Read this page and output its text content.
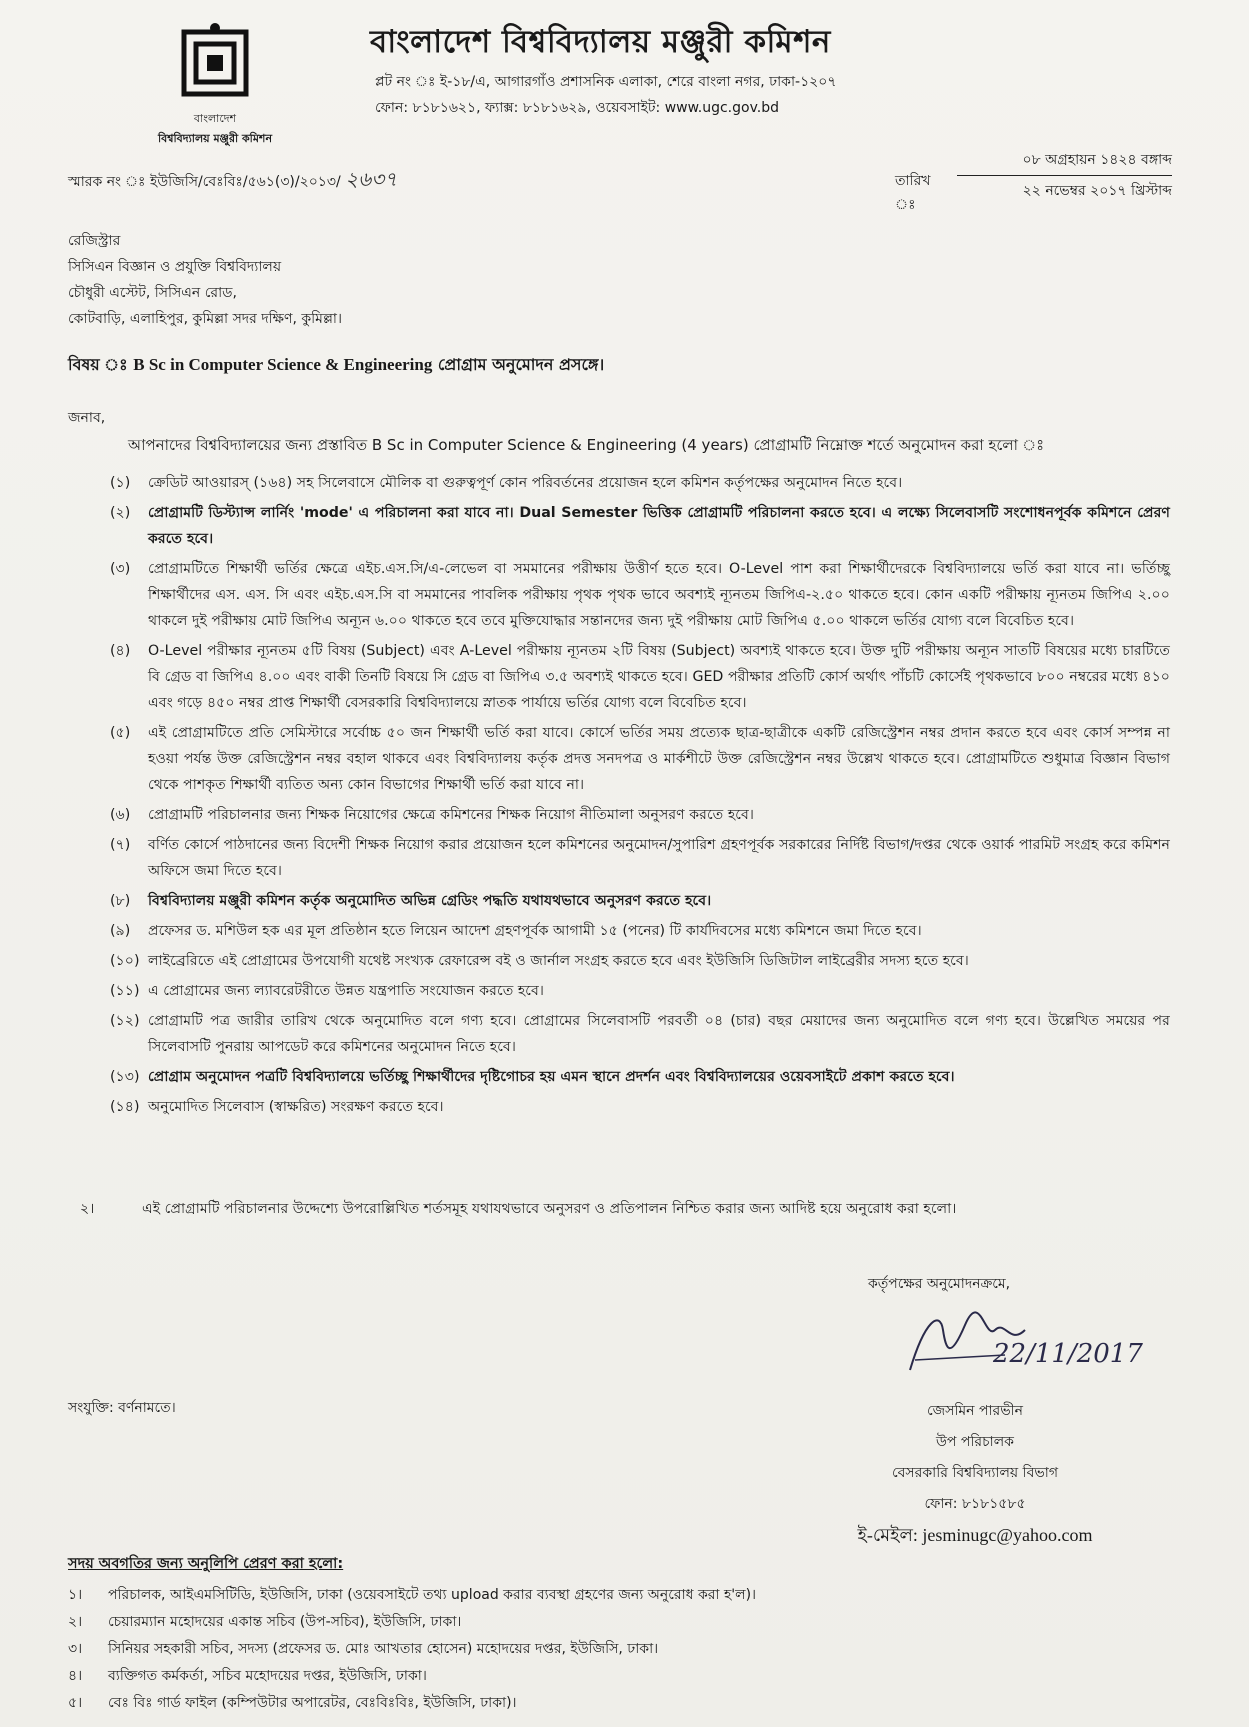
বাংলাদেশ
বিশ্ববিদ্যালয় মঞ্জুরী কমিশন
বাংলাদেশ বিশ্ববিদ্যালয় মঞ্জুরী কমিশন
প্লট নং ঃ ই-১৮/এ, আগারগাঁও প্রশাসনিক এলাকা, শেরে বাংলা নগর, ঢাকা-১২০৭
ফোন: ৮১৮১৬২১, ফ্যাক্স: ৮১৮১৬২৯, ওয়েবসাইট: www.ugc.gov.bd
স্মারক নং ঃ ইউজিসি/বেঃবিঃ/৫৬১(৩)/২০১৩/ ২৬৩৭	তারিখ ঃ
০৮ অগ্রহায়ন ১৪২৪ বঙ্গাব্দ
২২ নভেম্বর ২০১৭ খ্রিস্টাব্দ
রেজিস্ট্রার
সিসিএন বিজ্ঞান ও প্রযুক্তি বিশ্ববিদ্যালয়
চৌধুরী এস্টেট, সিসিএন রোড,
কোটবাড়ি, এলাহিপুর, কুমিল্লা সদর দক্ষিণ, কুমিল্লা।
বিষয় ঃ B Sc in Computer Science & Engineering প্রোগ্রাম অনুমোদন প্রসঙ্গে।
জনাব,
আপনাদের বিশ্ববিদ্যালয়ের জন্য প্রস্তাবিত B Sc in Computer Science & Engineering (4 years) প্রোগ্রামটি নিম্নোক্ত শর্তে অনুমোদন করা হলো ঃ
(১)	ক্রেডিট আওয়ারস্ (১৬৪) সহ সিলেবাসে মৌলিক বা গুরুত্বপূর্ণ কোন পরিবর্তনের প্রয়োজন হলে কমিশন কর্তৃপক্ষের অনুমোদন নিতে হবে।
(২)	প্রোগ্রামটি ডিস্ট্যান্স লার্নিং 'mode' এ পরিচালনা করা যাবে না। Dual Semester ভিত্তিক প্রোগ্রামটি পরিচালনা করতে হবে। এ লক্ষ্যে সিলেবাসটি সংশোধনপূর্বক কমিশনে প্রেরণ করতে হবে।
(৩)	প্রোগ্রামটিতে শিক্ষার্থী ভর্তির ক্ষেত্রে এইচ.এস.সি/এ-লেভেল বা সমমানের পরীক্ষায় উত্তীর্ণ হতে হবে। O-Level পাশ করা শিক্ষার্থীদেরকে বিশ্ববিদ্যালয়ে ভর্তি করা যাবে না। ভর্তিচ্ছু শিক্ষার্থীদের এস. এস. সি এবং এইচ.এস.সি বা সমমানের পাবলিক পরীক্ষায় পৃথক পৃথক ভাবে অবশ্যই ন্যূনতম জিপিএ-২.৫০ থাকতে হবে। কোন একটি পরীক্ষায় ন্যূনতম জিপিএ ২.০০ থাকলে দুই পরীক্ষায় মোট জিপিএ অন্যূন ৬.০০ থাকতে হবে তবে মুক্তিযোদ্ধার সন্তানদের জন্য দুই পরীক্ষায় মোট জিপিএ ৫.০০ থাকলে ভর্তির যোগ্য বলে বিবেচিত হবে।
(৪)	O-Level পরীক্ষার ন্যূনতম ৫টি বিষয় (Subject) এবং A-Level পরীক্ষায় ন্যূনতম ২টি বিষয় (Subject) অবশ্যই থাকতে হবে। উক্ত দুটি পরীক্ষায় অন্যূন সাতটি বিষয়ের মধ্যে চারটিতে বি গ্রেড বা জিপিএ ৪.০০ এবং বাকী তিনটি বিষয়ে সি গ্রেড বা জিপিএ ৩.৫ অবশ্যই থাকতে হবে। GED পরীক্ষার প্রতিটি কোর্স অর্থাৎ পাঁচটি কোর্সেই পৃথকভাবে ৮০০ নম্বরের মধ্যে ৪১০ এবং গড়ে ৪৫০ নম্বর প্রাপ্ত শিক্ষার্থী বেসরকারি বিশ্ববিদ্যালয়ে স্নাতক পার্যায়ে ভর্তির যোগ্য বলে বিবেচিত হবে।
(৫)	এই প্রোগ্রামটিতে প্রতি সেমিস্টারে সর্বোচ্চ ৫০ জন শিক্ষার্থী ভর্তি করা যাবে। কোর্সে ভর্তির সময় প্রত্যেক ছাত্র-ছাত্রীকে একটি রেজিস্ট্রেশন নম্বর প্রদান করতে হবে এবং কোর্স সম্পন্ন না হওয়া পর্যন্ত উক্ত রেজিস্ট্রেশন নম্বর বহাল থাকবে এবং বিশ্ববিদ্যালয় কর্তৃক প্রদত্ত সনদপত্র ও মার্কশীটে উক্ত রেজিস্ট্রেশন নম্বর উল্লেখ থাকতে হবে। প্রোগ্রামটিতে শুধুমাত্র বিজ্ঞান বিভাগ থেকে পাশকৃত শিক্ষার্থী ব্যতিত অন্য কোন বিভাগের শিক্ষার্থী ভর্তি করা যাবে না।
(৬)	প্রোগ্রামটি পরিচালনার জন্য শিক্ষক নিয়োগের ক্ষেত্রে কমিশনের শিক্ষক নিয়োগ নীতিমালা অনুসরণ করতে হবে।
(৭)	বর্ণিত কোর্সে পাঠদানের জন্য বিদেশী শিক্ষক নিয়োগ করার প্রয়োজন হলে কমিশনের অনুমোদন/সুপারিশ গ্রহণপূর্বক সরকারের নির্দিষ্ট বিভাগ/দপ্তর থেকে ওয়ার্ক পারমিট সংগ্রহ করে কমিশন অফিসে জমা দিতে হবে।
(৮)	বিশ্ববিদ্যালয় মঞ্জুরী কমিশন কর্তৃক অনুমোদিত অভিন্ন গ্রেডিং পদ্ধতি যথাযথভাবে অনুসরণ করতে হবে।
(৯)	প্রফেসর ড. মশিউল হক এর মূল প্রতিষ্ঠান হতে লিয়েন আদেশ গ্রহণপূর্বক আগামী ১৫ (পনের) টি কার্যদিবসের মধ্যে কমিশনে জমা দিতে হবে।
(১০) লাইব্রেরিতে এই প্রোগ্রামের উপযোগী যথেষ্ট সংখ্যক রেফারেন্স বই ও জার্নাল সংগ্রহ করতে হবে এবং ইউজিসি ডিজিটাল লাইব্রেরীর সদস্য হতে হবে।
(১১) এ প্রোগ্রামের জন্য ল্যাবরেটরীতে উন্নত যন্ত্রপাতি সংযোজন করতে হবে।
(১২) প্রোগ্রামটি পত্র জারীর তারিখ থেকে অনুমোদিত বলে গণ্য হবে। প্রোগ্রামের সিলেবাসটি পরবর্তী ০৪ (চার) বছর মেয়াদের জন্য অনুমোদিত বলে গণ্য হবে। উল্লেখিত সময়ের পর সিলেবাসটি পুনরায় আপডেট করে কমিশনের অনুমোদন নিতে হবে।
(১৩) প্রোগ্রাম অনুমোদন পত্রটি বিশ্ববিদ্যালয়ে ভর্তিচ্ছু শিক্ষার্থীদের দৃষ্টিগোচর হয় এমন স্থানে প্রদর্শন এবং বিশ্ববিদ্যালয়ের ওয়েবসাইটে প্রকাশ করতে হবে।
(১৪) অনুমোদিত সিলেবাস (স্বাক্ষরিত) সংরক্ষণ করতে হবে।
২।	এই প্রোগ্রামটি পরিচালনার উদ্দেশ্যে উপরোল্লিখিত শর্তসমূহ যথাযথভাবে অনুসরণ ও প্রতিপালন নিশ্চিত করার জন্য আদিষ্ট হয়ে অনুরোধ করা হলো।
কর্তৃপক্ষের অনুমোদনক্রমে,
22/11/2017
সংযুক্তি: বর্ণনামতে।	জেসমিন পারভীন
উপ পরিচালক
বেসরকারি বিশ্ববিদ্যালয় বিভাগ
ফোন: ৮১৮১৫৮৫
ই-মেইল: jesminugc@yahoo.com
সদয় অবগতির জন্য অনুলিপি প্রেরণ করা হলো:
১।	পরিচালক, আইএমসিটিডি, ইউজিসি, ঢাকা (ওয়েবসাইটে তথ্য upload করার ব্যবস্থা গ্রহণের জন্য অনুরোধ করা হ'ল)।
২।	চেয়ারম্যান মহোদয়ের একান্ত সচিব (উপ-সচিব), ইউজিসি, ঢাকা।
৩।	সিনিয়র সহকারী সচিব, সদস্য (প্রফেসর ড. মোঃ আখতার হোসেন) মহোদয়ের দপ্তর, ইউজিসি, ঢাকা।
৪।	ব্যক্তিগত কর্মকর্তা, সচিব মহোদয়ের দপ্তর, ইউজিসি, ঢাকা।
৫।	বেঃ বিঃ গার্ড ফাইল (কম্পিউটার অপারেটর, বেঃবিঃবিঃ, ইউজিসি, ঢাকা)।
